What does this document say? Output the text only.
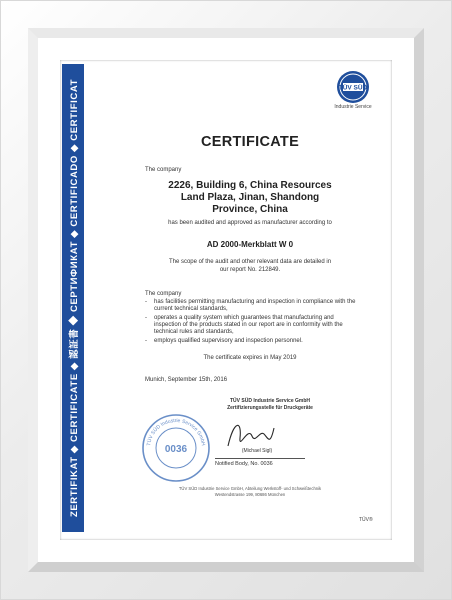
ZERTIFIKAT ◆ CERTIFICATE ◆ 認証書 ◆ СЕРТИФИКАТ ◆ CERTIFICADO ◆ CERTIFICAT	TÜV SÜD
Industrie Service
CERTIFICATE
The company
2226, Building 6, China Resources
Land Plaza, Jinan, Shandong
Province, China
has been audited and approved as manufacturer according to
AD 2000-Merkblatt W 0
The scope of the audit and other relevant data are detailed in
our report No. 212849.
The company
-	has facilities permitting manufacturing and inspection in compliance with the current technical standards,
-	operates a quality system which guarantees that manufacturing and inspection of the products stated in our report are in conformity with the technical rules and standards,
-	employs qualified supervisory and inspection personnel.
The certificate expires in May 2019
Munich, September 15th, 2016
TÜV SÜD Industrie Service GmbH
Zertifizierungsstelle für Druckgeräte
TÜV SÜD Industrie Service GmbH
0036	(Michael Sigl)
Notified Body, No. 0036
TÜV SÜD Industrie Service GmbH, Abteilung Werkstoff- und Schweißtechnik
Westendstrasse 199, 80686 München
TÜV®
